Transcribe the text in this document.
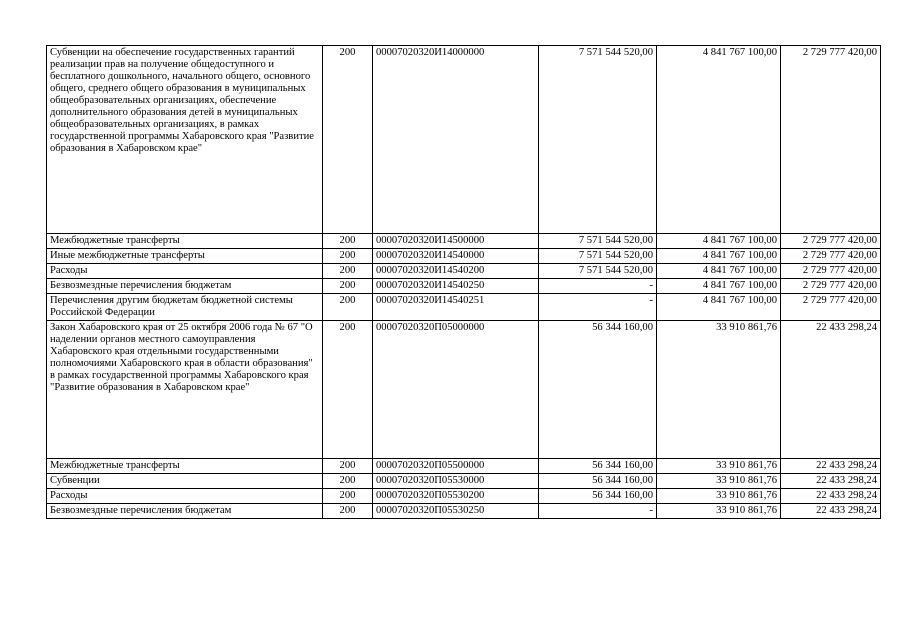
Субвенции на обеспечение государственных гарантий реализации прав на получение общедоступного и бесплатного дошкольного, начального общего, основного общего, среднего общего образования в муниципальных общеобразовательных организациях, обеспечение дополнительного образования детей в муниципальных общеобразовательных организациях, в рамках государственной программы Хабаровского края "Развитие образования в Хабаровском крае"	200	00007020320И14000000	7 571 544 520,00	4 841 767 100,00	2 729 777 420,00
Межбюджетные трансферты	200	00007020320И14500000	7 571 544 520,00	4 841 767 100,00	2 729 777 420,00
Иные межбюджетные трансферты	200	00007020320И14540000	7 571 544 520,00	4 841 767 100,00	2 729 777 420,00
Расходы	200	00007020320И14540200	7 571 544 520,00	4 841 767 100,00	2 729 777 420,00
Безвозмездные перечисления бюджетам	200	00007020320И14540250	-	4 841 767 100,00	2 729 777 420,00
Перечисления другим бюджетам бюджетной системы Российской Федерации	200	00007020320И14540251	-	4 841 767 100,00	2 729 777 420,00
Закон Хабаровского края от 25 октября 2006 года № 67 "О наделении органов местного самоуправления Хабаровского края отдельными государственными полномочиями Хабаровского края в области образования" в рамках государственной программы Хабаровского края "Развитие образования в Хабаровском крае"	200	00007020320П05000000	56 344 160,00	33 910 861,76	22 433 298,24
Межбюджетные трансферты	200	00007020320П05500000	56 344 160,00	33 910 861,76	22 433 298,24
Субвенции	200	00007020320П05530000	56 344 160,00	33 910 861,76	22 433 298,24
Расходы	200	00007020320П05530200	56 344 160,00	33 910 861,76	22 433 298,24
Безвозмездные перечисления бюджетам	200	00007020320П05530250	-	33 910 861,76	22 433 298,24
